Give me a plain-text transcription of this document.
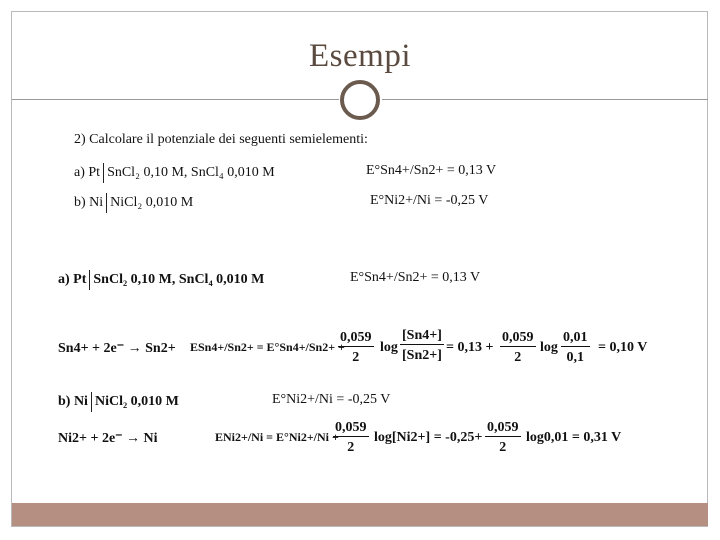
Esempi
2) Calcolare il potenziale dei seguenti semielementi:
a) Pt SnCl₂ 0,10 M, SnCl₄ 0,010 M	E°Sn4+/Sn2+ = 0,13 V
b) Ni NiCl₂ 0,010 M	E°Ni2+/Ni = -0,25 V
a) Pt SnCl₂ 0,10 M, SnCl₄ 0,010 M	E°Sn4+/Sn2+ = 0,13 V
Sn4+ + 2e⁻ → Sn2+ ESn4+/Sn2+ = E°Sn4+/Sn2+ +
$\frac{0,059}{2}$ $\log \frac{[Sn4+]}{[Sn2+]} = 0,13 + \frac{0,059}{2}$ $\log \frac{0,01}{0,1} = 0,10$ V
b) Ni NiCl₂ 0,010 M	E°Ni2+/Ni = -0,25 V
Ni2+ + 2e⁻ → Ni	ENi2+/Ni = E°Ni2+/Ni +
$\frac{0,059}{2} \log[Ni2+] = -0,25+ \frac{0,059}{2} \log 0,01 = 0,31$ V
